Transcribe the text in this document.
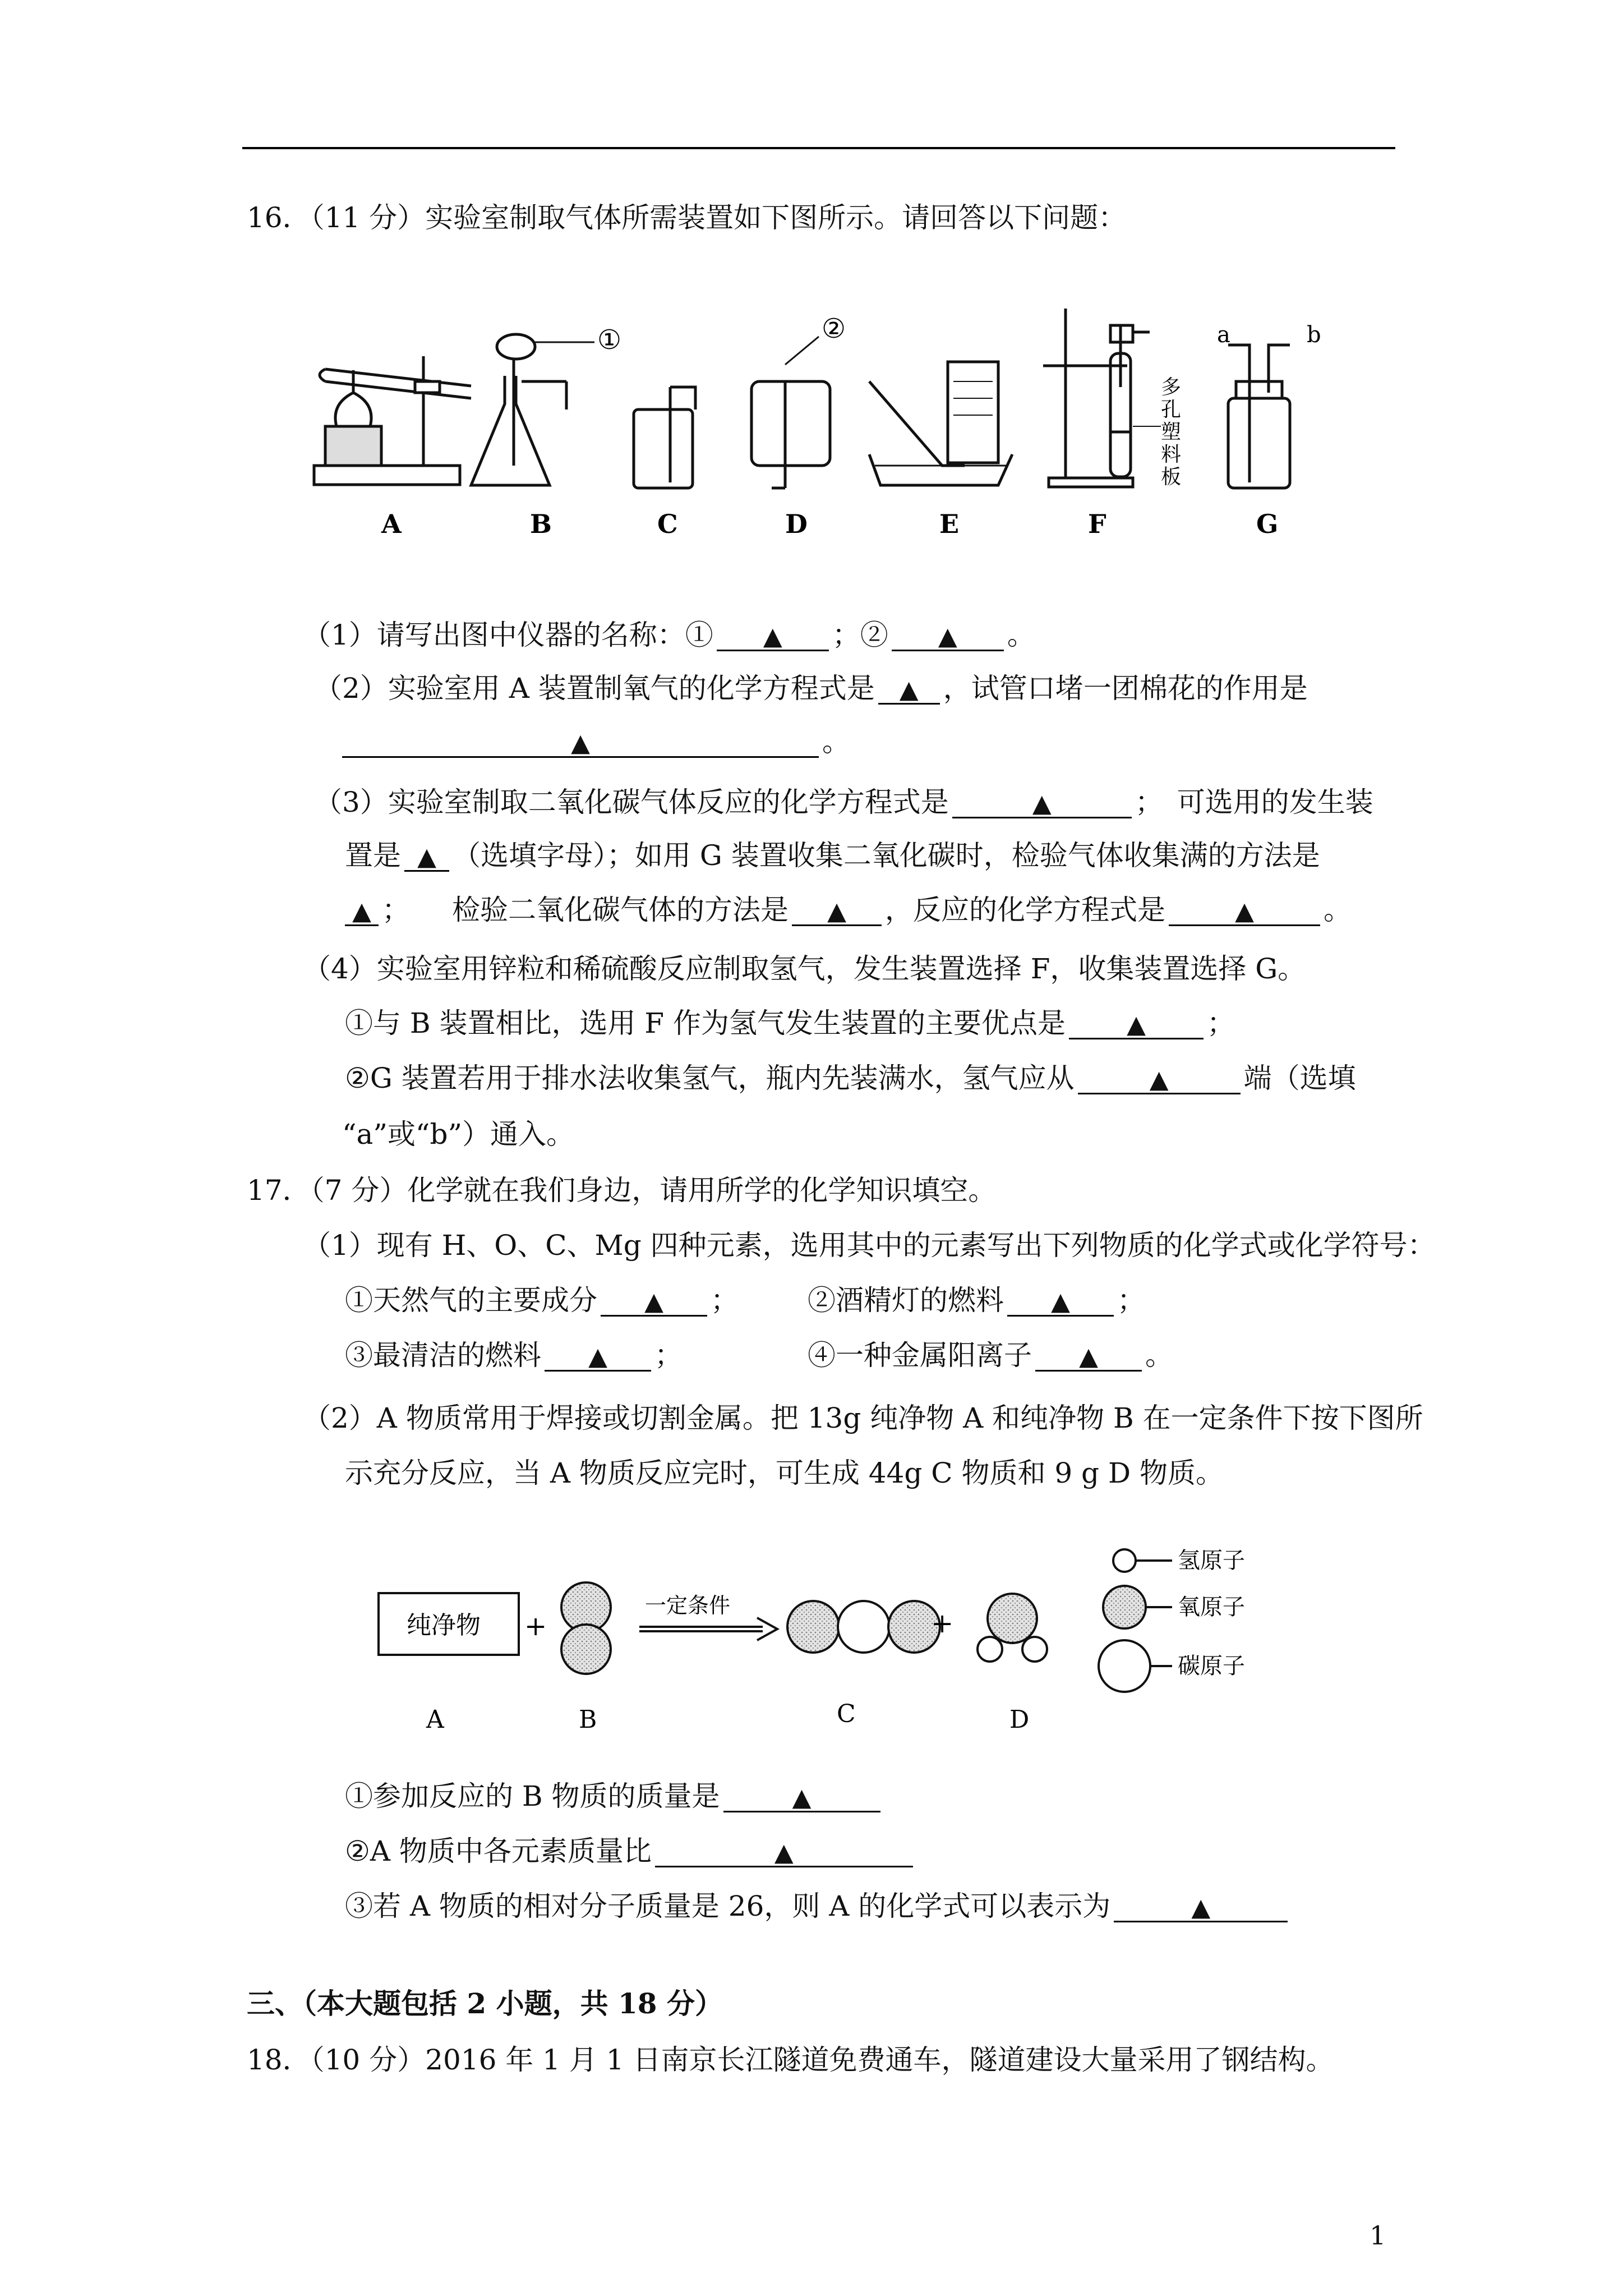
16．（11 分）实验室制取气体所需装置如下图所示。请回答以下问题：
①	②
多
孔
塑
料
板
a	b
A	B	C	D	E	F	G
（1）请写出图中仪器的名称：① ▲ ；② ▲ 。
（2）实验室用 A 装置制氧气的化学方程式是 ▲ ，试管口堵一团棉花的作用是
▲	。
（3）实验室制取二氧化碳气体反应的化学方程式是	▲	；　可选用的发生装
置是 ▲ （选填字母）；如用 G 装置收集二氧化碳时，检验气体收集满的方法是
▲ ；　　检验二氧化碳气体的方法是 ▲ ，反应的化学方程式是	▲ 。
（4）实验室用锌粒和稀硫酸反应制取氢气，发生装置选择 F，收集装置选择 G。
①与 B 装置相比，选用 F 作为氢气发生装置的主要优点是 ▲ ；
②G 装置若用于排水法收集氢气，瓶内先装满水，氢气应从	▲	端（选填
“a”或“b”）通入。
17．（7 分）化学就在我们身边，请用所学的化学知识填空。
（1）现有 H、O、C、Mg 四种元素，选用其中的元素写出下列物质的化学式或化学符号：
①天然气的主要成分 ▲ ； ②酒精灯的燃料 ▲ ；
③最清洁的燃料 ▲ ；	④一种金属阳离子 ▲ 。
（2）A 物质常用于焊接或切割金属。把 13g 纯净物 A 和纯净物 B 在一定条件下按下图所
示充分反应，当 A 物质反应完时，可生成 44g C 物质和 9 g D 物质。
纯净物 +	+
一定条件
氢原子
氧原子
碳原子
A	B	C	D
①参加反应的 B 物质的质量是	▲
②A 物质中各元素质量比	▲
③若 A 物质的相对分子质量是 26，则 A 的化学式可以表示为	▲
三、（本大题包括 2 小题，共 18 分）
18．（10 分）2016 年 1 月 1 日南京长江隧道免费通车，隧道建设大量采用了钢结构。
1
